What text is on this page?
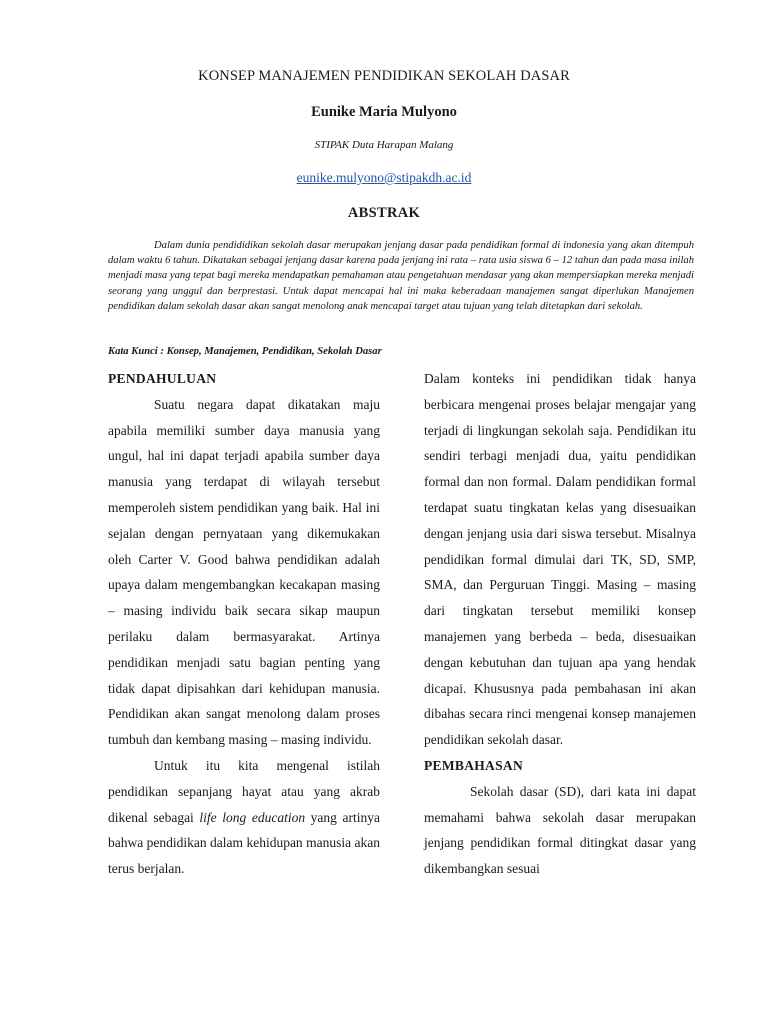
KONSEP MANAJEMEN PENDIDIKAN SEKOLAH DASAR
Eunike Maria Mulyono
STIPAK Duta Harapan Malang
eunike.mulyono@stipakdh.ac.id
ABSTRAK

Dalam dunia pendididikan sekolah dasar merupakan jenjang dasar pada pendidikan formal di indonesia yang akan ditempuh dalam waktu 6 tahun. Dikatakan sebagai jenjang dasar karena pada jenjang ini rata – rata usia siswa 6 – 12 tahun dan pada masa inilah menjadi masa yang tepat bagi mereka mendapatkan pemahaman atau pengetahuan mendasar yang akan mempersiapkan mereka menjadi seorang yang unggul dan berprestasi. Untuk dapat mencapai hal ini maka keberadaan manajemen sangat diperlukan Manajemen pendidikan dalam sekolah dasar akan sangat menolong anak mencapai target atau tujuan yang telah ditetapkan dari sekolah.

Kata Kunci : Konsep, Manajemen, Pendidikan, Sekolah Dasar
PENDAHULUAN

Suatu negara dapat dikatakan maju apabila memiliki sumber daya manusia yang ungul, hal ini dapat terjadi apabila sumber daya manusia yang terdapat di wilayah tersebut memperoleh sistem pendidikan yang baik. Hal ini sejalan dengan pernyataan yang dikemukakan oleh Carter V. Good bahwa pendidikan adalah upaya dalam mengembangkan kecakapan masing – masing individu baik secara sikap maupun perilaku dalam bermasyarakat. Artinya pendidikan menjadi satu bagian penting yang tidak dapat dipisahkan dari kehidupan manusia. Pendidikan akan sangat menolong dalam proses tumbuh dan kembang masing – masing individu.

Untuk itu kita mengenal istilah pendidikan sepanjang hayat atau yang akrab dikenal sebagai life long education yang artinya bahwa pendidikan dalam kehidupan manusia akan terus berjalan.

Dalam konteks ini pendidikan tidak hanya berbicara mengenai proses belajar mengajar yang terjadi di lingkungan sekolah saja. Pendidikan itu sendiri terbagi menjadi dua, yaitu pendidikan formal dan non formal. Dalam pendidikan formal terdapat suatu tingkatan kelas yang disesuaikan dengan jenjang usia dari siswa tersebut. Misalnya pendidikan formal dimulai dari TK, SD, SMP, SMA, dan Perguruan Tinggi. Masing – masing dari tingkatan tersebut memiliki konsep manajemen yang berbeda – beda, disesuaikan dengan kebutuhan dan tujuan apa yang hendak dicapai. Khususnya pada pembahasan ini akan dibahas secara rinci mengenai konsep manajemen pendidikan sekolah dasar.

PEMBAHASAN

Sekolah dasar (SD), dari kata ini dapat memahami bahwa sekolah dasar merupakan jenjang pendidikan formal ditingkat dasar yang dikembangkan sesuai
